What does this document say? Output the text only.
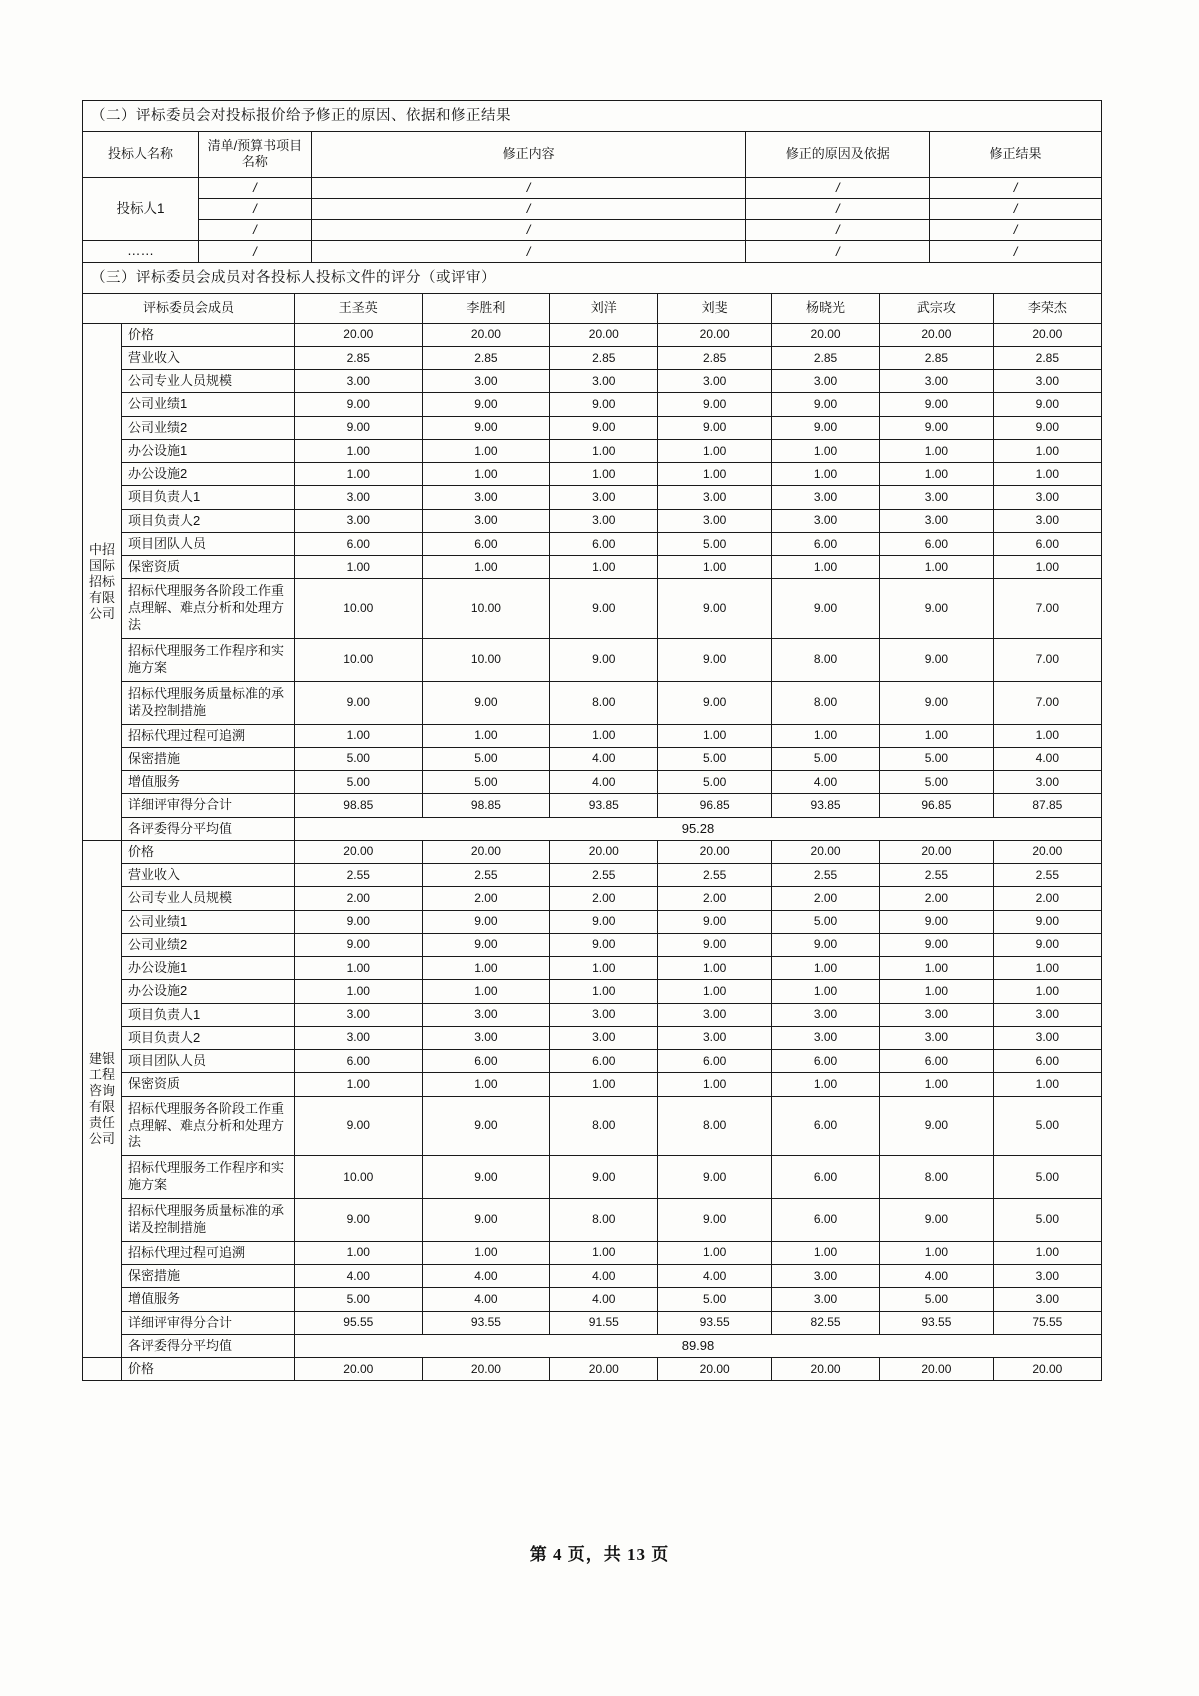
（二）评标委员会对投标报价给予修正的原因、依据和修正结果				
投标人名称	清单/预算书项目名称	修正内容	修正的原因及依据	修正结果
投标人1	/	/	/	/
	/	/	/	/
	/	/	/	/
……	/	/	/	/
（三）评标委员会成员对各投标人投标文件的评分（或评审）								
评标委员会成员		王圣英	李胜利	刘洋	刘斐	杨晓光	武宗攻	李荣杰
中招国际招标有限公司	价格	20.00	20.00	20.00	20.00	20.00	20.00	20.00
	营业收入	2.85	2.85	2.85	2.85	2.85	2.85	2.85
	公司专业人员规模	3.00	3.00	3.00	3.00	3.00	3.00	3.00
	公司业绩1	9.00	9.00	9.00	9.00	9.00	9.00	9.00
	公司业绩2	9.00	9.00	9.00	9.00	9.00	9.00	9.00
	办公设施1	1.00	1.00	1.00	1.00	1.00	1.00	1.00
	办公设施2	1.00	1.00	1.00	1.00	1.00	1.00	1.00
	项目负责人1	3.00	3.00	3.00	3.00	3.00	3.00	3.00
	项目负责人2	3.00	3.00	3.00	3.00	3.00	3.00	3.00
	项目团队人员	6.00	6.00	6.00	5.00	6.00	6.00	6.00
	保密资质	1.00	1.00	1.00	1.00	1.00	1.00	1.00
	招标代理服务各阶段工作重点理解、难点分析和处理方法	10.00	10.00	9.00	9.00	9.00	9.00	7.00
	招标代理服务工作程序和实施方案	10.00	10.00	9.00	9.00	8.00	9.00	7.00
	招标代理服务质量标准的承诺及控制措施	9.00	9.00	8.00	9.00	8.00	9.00	7.00
	招标代理过程可追溯	1.00	1.00	1.00	1.00	1.00	1.00	1.00
	保密措施	5.00	5.00	4.00	5.00	5.00	5.00	4.00
	增值服务	5.00	5.00	4.00	5.00	4.00	5.00	3.00
	详细评审得分合计	98.85	98.85	93.85	96.85	93.85	96.85	87.85
	各评委得分平均值	95.28						
建银工程咨询有限责任公司	价格	20.00	20.00	20.00	20.00	20.00	20.00	20.00
	营业收入	2.55	2.55	2.55	2.55	2.55	2.55	2.55
	公司专业人员规模	2.00	2.00	2.00	2.00	2.00	2.00	2.00
	公司业绩1	9.00	9.00	9.00	9.00	5.00	9.00	9.00
	公司业绩2	9.00	9.00	9.00	9.00	9.00	9.00	9.00
	办公设施1	1.00	1.00	1.00	1.00	1.00	1.00	1.00
	办公设施2	1.00	1.00	1.00	1.00	1.00	1.00	1.00
	项目负责人1	3.00	3.00	3.00	3.00	3.00	3.00	3.00
	项目负责人2	3.00	3.00	3.00	3.00	3.00	3.00	3.00
	项目团队人员	6.00	6.00	6.00	6.00	6.00	6.00	6.00
	保密资质	1.00	1.00	1.00	1.00	1.00	1.00	1.00
	招标代理服务各阶段工作重点理解、难点分析和处理方法	9.00	9.00	8.00	8.00	6.00	9.00	5.00
	招标代理服务工作程序和实施方案	10.00	9.00	9.00	9.00	6.00	8.00	5.00
	招标代理服务质量标准的承诺及控制措施	9.00	9.00	8.00	9.00	6.00	9.00	5.00
	招标代理过程可追溯	1.00	1.00	1.00	1.00	1.00	1.00	1.00
	保密措施	4.00	4.00	4.00	4.00	3.00	4.00	3.00
	增值服务	5.00	4.00	4.00	5.00	3.00	5.00	3.00
	详细评审得分合计	95.55	93.55	91.55	93.55	82.55	93.55	75.55
	各评委得分平均值	89.98						
	价格	20.00	20.00	20.00	20.00	20.00	20.00	20.00
第 4 页，共 13 页
